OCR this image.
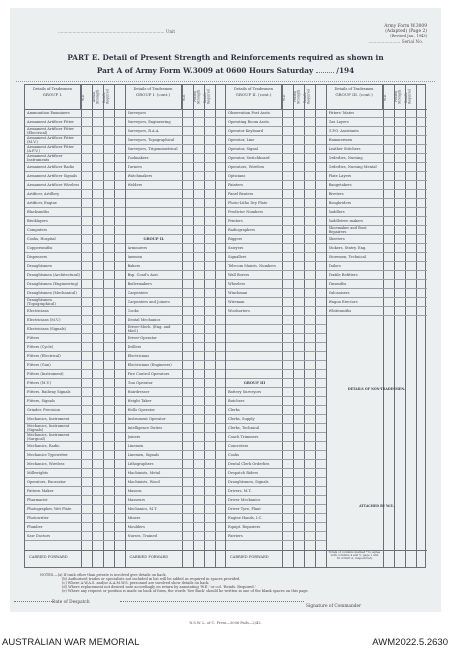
................................................................................ Unit
Army Form W.3009
(Adapted) (Page 2)
(Revised Jan., 1943)
........................ Serial No.
PART E. Detail of Present Strength and Reinforcements required as shown in
Part A of Army Form W.3009 at 0600 Hours Saturday	/194
Details of Tradesmen
GROUP I.	W.E.	Actual Strength Reinfs. Required
Ammunition Examiners
Armament Artificer Fitter
Armament Artificer Fitter (Electrical)
Armament Artificer Fitter (M.V.)
Armament Artificer Fitter (A.F.V.)
Armament Artificer Instruments
Armament Artificer Radio
Armament Artificer Signals
Armament Artificer Wireless
Artificer, Artillery
Artificer, Engine
Blacksmiths
Bricklayers
Computers
Cooks, Hospital
Coppersmiths
Dispensers
Draughtsmen
Draughtsmen (Architectural)
Draughtsmen (Engineering)
Draughtsmen (Mechanical)
Draughtsmen (Topographical)
Electricians
Electricians (M.V.)
Electricians (Signals)
Fitters
Fitters (Cycle)
Fitters (Electrical)
Fitters (Gun)
Fitters (Instrument)
Fitters (M.V.)
Fitters, Railway Signals
Fitters, Signals
Grinder, Precision
Mechanics, Instrument
Mechanics, Instrument (Signals)
Mechanics, Instrument (Surgical)
Mechanics, Radio
Mechanics Typewriter
Mechanics, Wireless
Millwrights
Operators, Excavator
Pattern Maker
Pharmacist
Photographer, Wet Plate
Photowriter
Plumber
Saw Doctors
CARRIED FORWARD
Details of Tradesmen
GROUP I. (cont.)	W.E.	Posted Strength Reinfs. Required
Surveyors
Surveyors, Engineering
Surveyors, R.A.A.
Surveyors, Topographical
Surveyors, Trigonometrical
Toolmakers
Turners
Watchmakers
Welders
GROUP II.
Armourers
Axemen
Bakers
Bsp. Cond's Asst.
Boilermakers
Carpenters
Carpenters and Joiners
Cooks
Dental Mechanics
Driver-Mech. (Eng. and Mod.)
Driver-Operator
Drillers
Electricians
Electricians (Engineers)
Fire Control Operators
Gun Operator
Hairdresser
Height Taker
Hollo Operator
Instrument Operator
Intelligence Duties
Joiners
Linemen
Linemen, Signals
Lithographers
Machinists, Metal
Machinists, Wood
Masons
Masseurs
Mechanics, M.T.
Miners
Moulders
Nurses, Trained
CARRIED FORWARD
Details of Tradesmen
GROUP II. (cont.)	W.E.	Posted Strength Reinfs. Required
Observation Post Assts.
Operating Room Assts.
Operator Keyboard
Operator, Line
Operator, Signal
Operator, Switchboard
Operators, Wireless
Opticians
Painters
Panel Beaters
Photo-Litho Dry Plate
Predictor Numbers
Printers
Radiographers
Riggers
Sawyers
Signallers
Telecom Maints. Numbers
Wall Borers
Wheelers
Winchman
Wireman
Woolsorters
GROUP III
Battery Surveyors
Butchers
Clerks
Clerks, Supply
Clerks, Technical
Coach Trimmers
Concreters
Cooks
Dental Clerk Orderlies
Despatch Riders
Draughtsmen, Signals
Drivers, M.T.
Driver Mechanics
Driver Tyre, Plant
Engine Hands, I.C.
Equipt. Repairers
Farriers
CARRIED FORWARD
Details of Tradesmen
GROUP III. (cont.)	W.E.	Posted Strength Reinfs. Required
Fitters' Mates
Gas Layers
G.P.O. Assistants
Hammermen
Leather Stitchers
Orderlies, Nursing
Orderlies, Nursing Mental
Plate Layers
Rangetakers
Riveters
Roughriders
Saddlers
Saddletree makers
Shoemaker and Boot Repairers
Sheeters
Stokers, Stntry. Eng.
Storemen, Technical
Tailors
Textile Refitters
Tinsmiths
Vulcanisers
Wagon Erectors
Whitesmiths
DETAILS OF NON-TRADESMEN.
ATTACHED BY W.E.
Totals of columns marked * to agree with columns 4 and 5, page 1 and 10 of Part A, respectively.
NOTES.—(a) If rank other than private is involved give details on back.
(b) Authorised trades or specialists not included in list will be added as required in spaces provided.
(c) Where A.W.A.S. and/or A.A.M.W.S. personnel are involved show details on back.
(d) Where replacement not desired note accordingly on return by annotating 'W.E.' or col. 'Reinfs. Required.'
(e) Where any request or position is made on back of form, the words 'See Back' should be written in one of the blank spaces on this page.
Date of Despatch
Signature of Commander
N.S.W. L. of C. Press—3006 Pads—2/43.
AUSTRALIAN WAR MEMORIAL	AWM2022.5.2630
